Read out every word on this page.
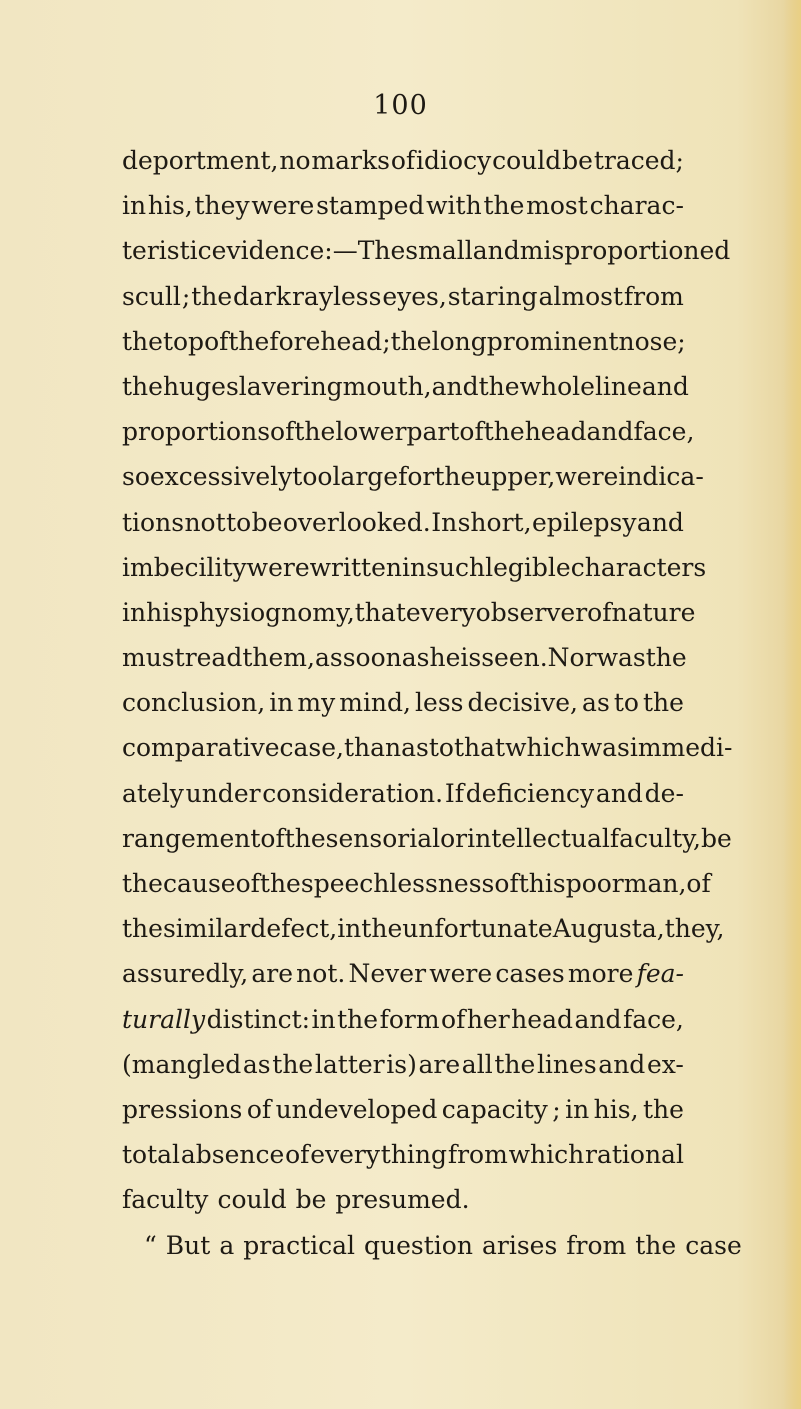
100
deportment, no marks of idiocy could be traced;
in his, they were stamped with the most charac-
teristic evidence :—The small and misproportioned
scull ; the dark rayless eyes, staring almost from
the top of the forehead ; the long prominent nose ;
the huge slavering mouth, and the whole line and
proportions of the lower part of the head and face,
so excessively too large for the upper, were indica-
tions not to be overlooked. In short, epilepsy and
imbecility were written in such legible characters
in his physiognomy, that every observer of nature
must read them, as soon as he is seen. Nor was the
conclusion, in my mind, less decisive, as to the
comparative case, than as to that which was immedi-
ately under consideration. If deficiency and de-
rangement of the sensorial or intellectual faculty, be
the cause of the speechlessness of this poor man, of
the similar defect, in the unfortunate Augusta, they,
assuredly, are not. Never were cases more fea-
turally distinct: in the form of her head and face,
(mangled as the latter is) are all the lines and ex-
pressions of undeveloped capacity ; in his, the
total absence of every thing from which rational
faculty could be presumed.
“ But a practical question arises from the case
